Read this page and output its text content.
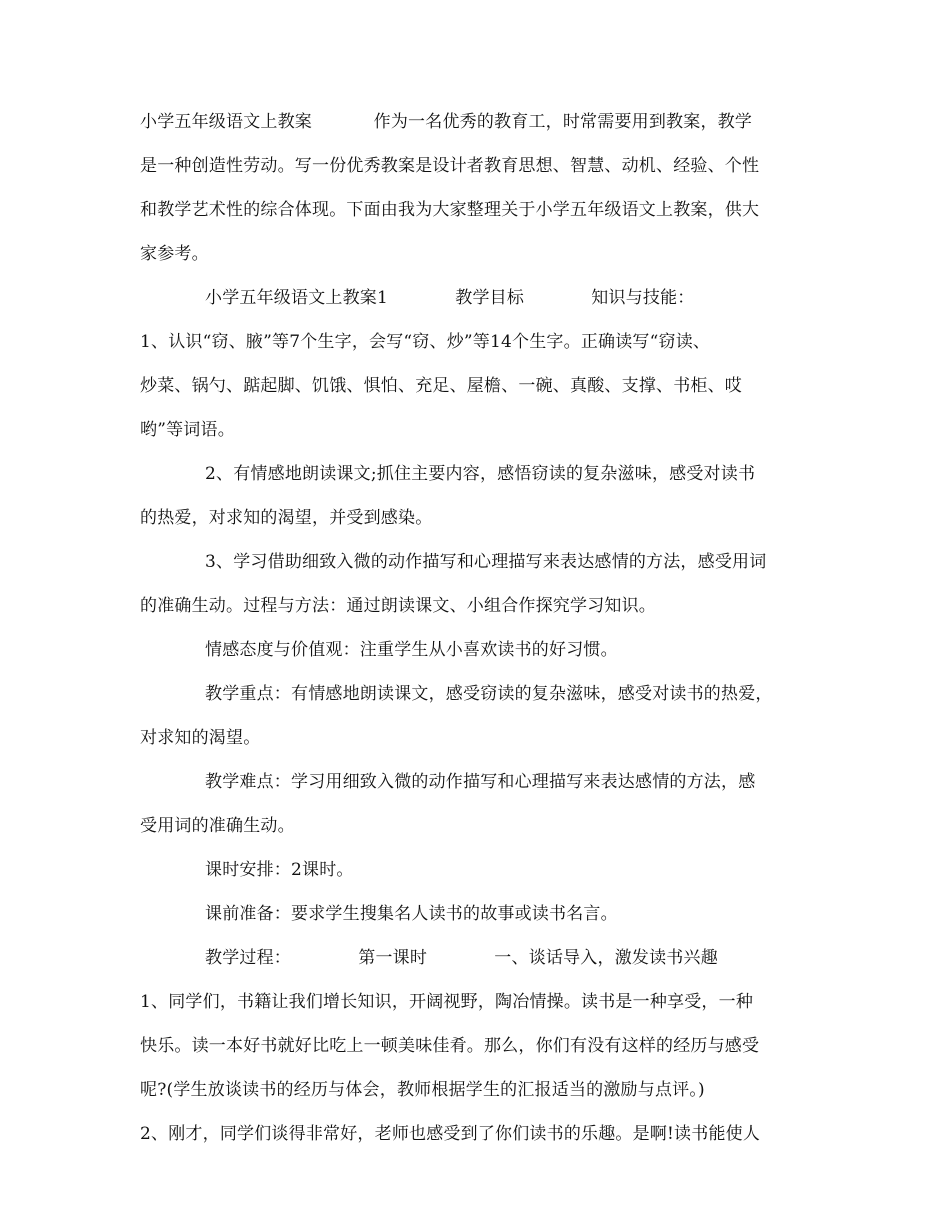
小学五年级语文上教案           作为一名优秀的教育工，时常需要用到教案，教学
是一种创造性劳动。写一份优秀教案是设计者教育思想、智慧、动机、经验、个性
和教学艺术性的综合体现。下面由我为大家整理关于小学五年级语文上教案，供大
家参考。
小学五年级语文上教案1            教学目标            知识与技能：
1、认识“窃、腋”等7个生字，会写“窃、炒”等14个生字。正确读写“窃读、
炒菜、锅勺、踮起脚、饥饿、惧怕、充足、屋檐、一碗、真酸、支撑、书柜、哎
哟”等词语。
2、有情感地朗读课文;抓住主要内容，感悟窃读的复杂滋味，感受对读书
的热爱，对求知的渴望，并受到感染。
3、学习借助细致入微的动作描写和心理描写来表达感情的方法，感受用词
的准确生动。过程与方法：通过朗读课文、小组合作探究学习知识。
情感态度与价值观：注重学生从小喜欢读书的好习惯。
教学重点：有情感地朗读课文，感受窃读的复杂滋味，感受对读书的热爱，
对求知的渴望。
教学难点：学习用细致入微的动作描写和心理描写来表达感情的方法，感
受用词的准确生动。
课时安排：2课时。
课前准备：要求学生搜集名人读书的故事或读书名言。
教学过程：            第一课时            一、谈话导入，激发读书兴趣
1、同学们，书籍让我们增长知识，开阔视野，陶冶情操。读书是一种享受，一种
快乐。读一本好书就好比吃上一顿美味佳肴。那么，你们有没有这样的经历与感受
呢?(学生放谈读书的经历与体会，教师根据学生的汇报适当的激励与点评。)
2、刚才，同学们谈得非常好，老师也感受到了你们读书的乐趣。是啊!读书能使人
